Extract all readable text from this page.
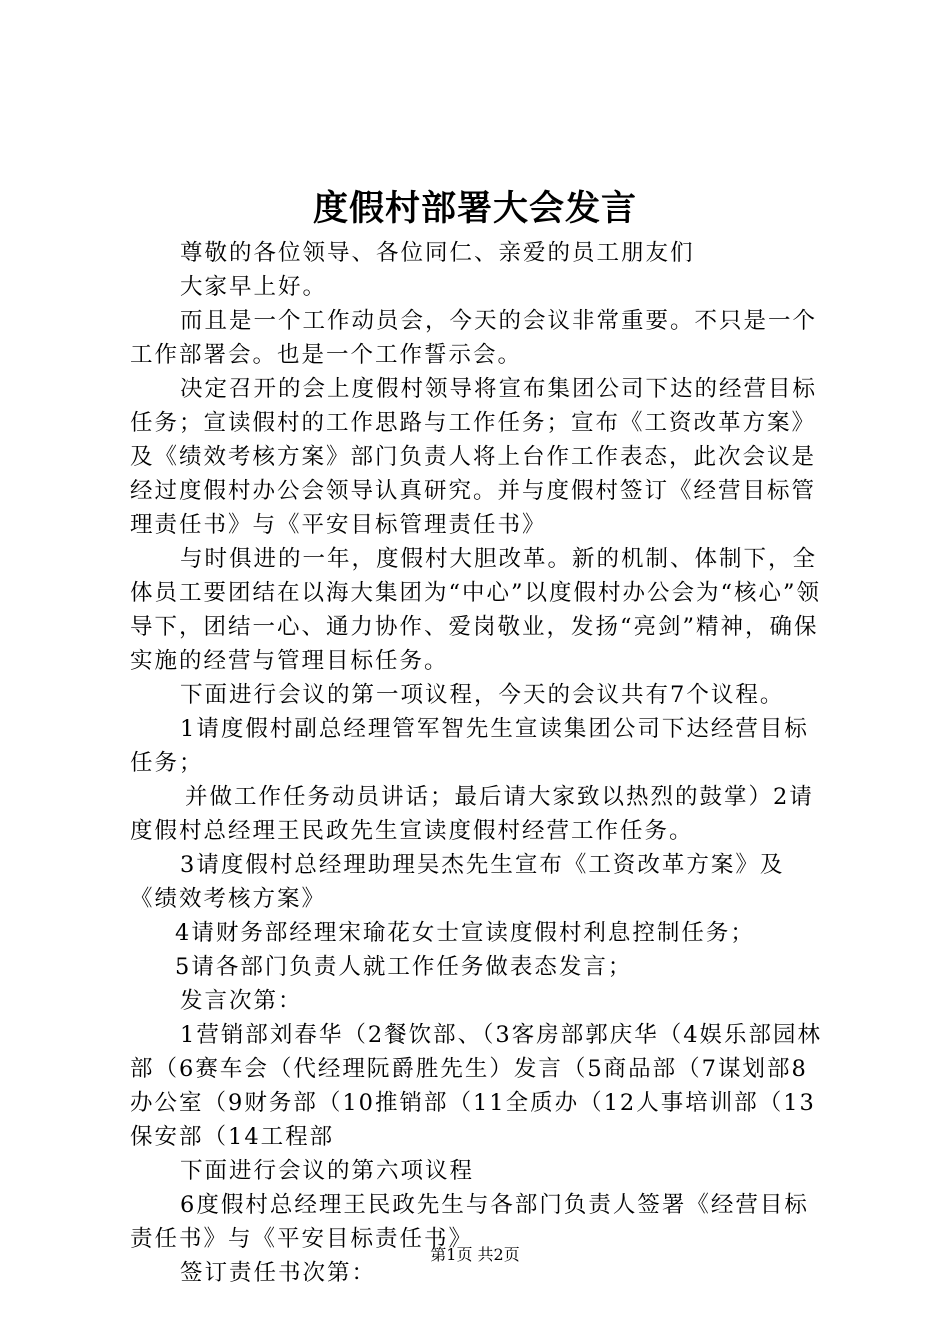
度假村部署大会发言

尊敬的各位领导、各位同仁、亲爱的员工朋友们

大家早上好。

而且是一个工作动员会，今天的会议非常重要。不只是一个工作部署会。也是一个工作誓示会。

决定召开的会上度假村领导将宣布集团公司下达的经营目标任务；宣读假村的工作思路与工作任务；宣布《工资改革方案》及《绩效考核方案》部门负责人将上台作工作表态，此次会议是经过度假村办公会领导认真研究。并与度假村签订《经营目标管理责任书》与《平安目标管理责任书》

与时俱进的一年，度假村大胆改革。新的机制、体制下，全体员工要团结在以海大集团为“中心”以度假村办公会为“核心”领导下，团结一心、通力协作、爱岗敬业，发扬“亮剑”精神，确保实施的经营与管理目标任务。

下面进行会议的第一项议程，今天的会议共有7个议程。

1请度假村副总经理管军智先生宣读集团公司下达经营目标任务；

并做工作任务动员讲话；最后请大家致以热烈的鼓掌）2请度假村总经理王民政先生宣读度假村经营工作任务。

3请度假村总经理助理吴杰先生宣布《工资改革方案》及《绩效考核方案》

4请财务部经理宋瑜花女士宣读度假村利息控制任务；

5请各部门负责人就工作任务做表态发言；

发言次第：

1营销部刘春华（2餐饮部、（3客房部郭庆华（4娱乐部园林部（6赛车会（代经理阮爵胜先生）发言（5商品部（7谋划部8办公室（9财务部（10推销部（11全质办（12人事培训部（13保安部（14工程部

下面进行会议的第六项议程

6度假村总经理王民政先生与各部门负责人签署《经营目标责任书》与《平安目标责任书》

签订责任书次第：

第1页 共2页
